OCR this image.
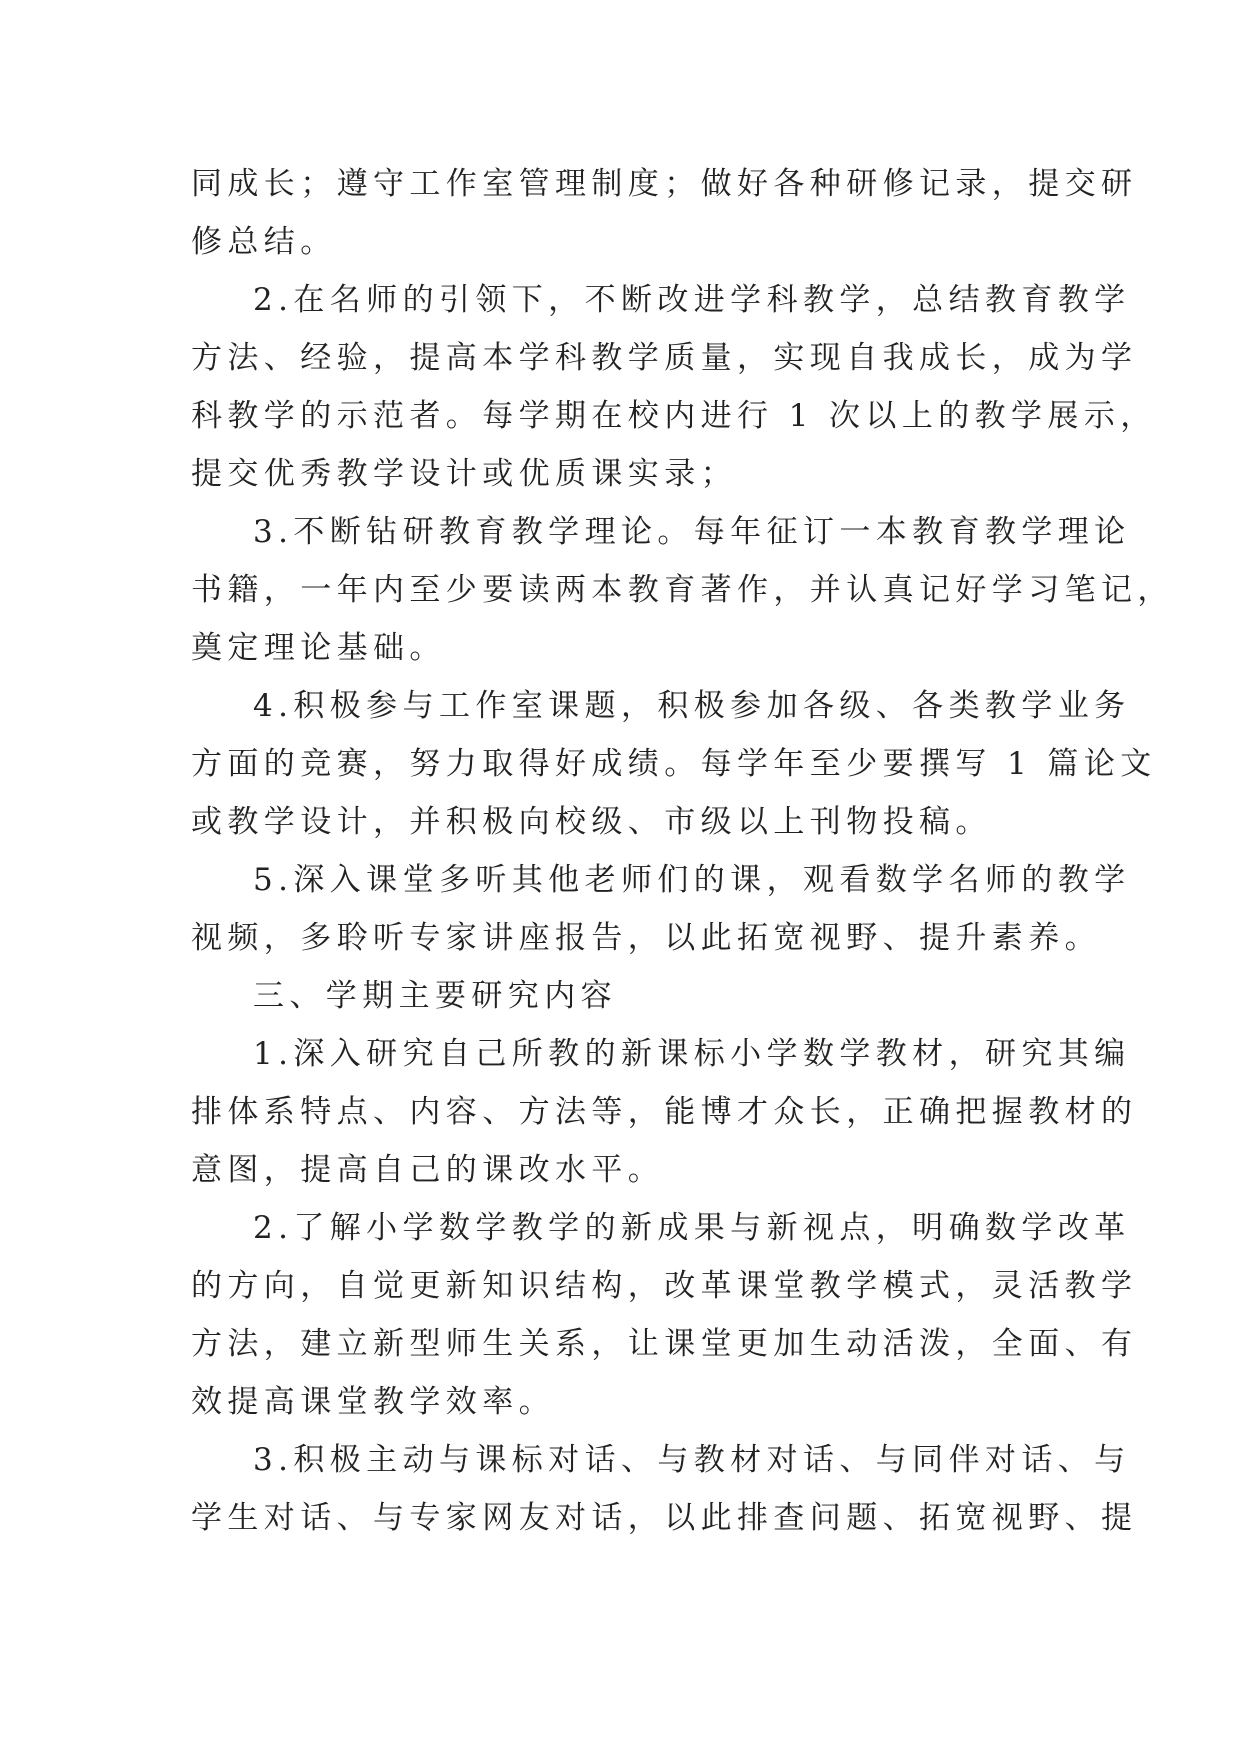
同成长；遵守工作室管理制度；做好各种研修记录，提交研
修总结。
2.在名师的引领下，不断改进学科教学，总结教育教学
方法、经验，提高本学科教学质量，实现自我成长，成为学
科教学的示范者。每学期在校内进行 1 次以上的教学展示，
提交优秀教学设计或优质课实录；
3.不断钻研教育教学理论。每年征订一本教育教学理论
书籍，一年内至少要读两本教育著作，并认真记好学习笔记，
奠定理论基础。
4.积极参与工作室课题，积极参加各级、各类教学业务
方面的竞赛，努力取得好成绩。每学年至少要撰写 1 篇论文
或教学设计，并积极向校级、市级以上刊物投稿。
5.深入课堂多听其他老师们的课，观看数学名师的教学
视频，多聆听专家讲座报告，以此拓宽视野、提升素养。
三、学期主要研究内容
1.深入研究自己所教的新课标小学数学教材，研究其编
排体系特点、内容、方法等，能博才众长，正确把握教材的
意图，提高自己的课改水平。
2.了解小学数学教学的新成果与新视点，明确数学改革
的方向，自觉更新知识结构，改革课堂教学模式，灵活教学
方法，建立新型师生关系，让课堂更加生动活泼，全面、有
效提高课堂教学效率。
3.积极主动与课标对话、与教材对话、与同伴对话、与
学生对话、与专家网友对话，以此排查问题、拓宽视野、提
